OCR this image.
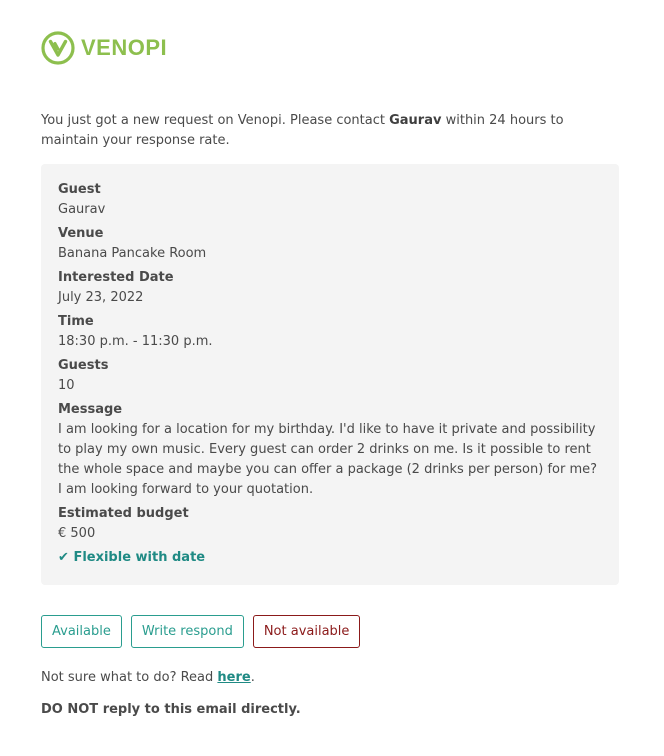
VENOPI
You just got a new request on Venopi. Please contact Gaurav within 24 hours to maintain your response rate.
Guest
Gaurav
Venue
Banana Pancake Room
Interested Date
July 23, 2022
Time
18:30 p.m. - 11:30 p.m.
Guests
10
Message
I am looking for a location for my birthday. I'd like to have it private and possibility to play my own music. Every guest can order 2 drinks on me. Is it possible to rent the whole space and maybe you can offer a package (2 drinks per person) for me? I am looking forward to your quotation.
Estimated budget
€ 500
✔ Flexible with date
Available	Write respond	Not available
Not sure what to do? Read here.
DO NOT reply to this email directly.
